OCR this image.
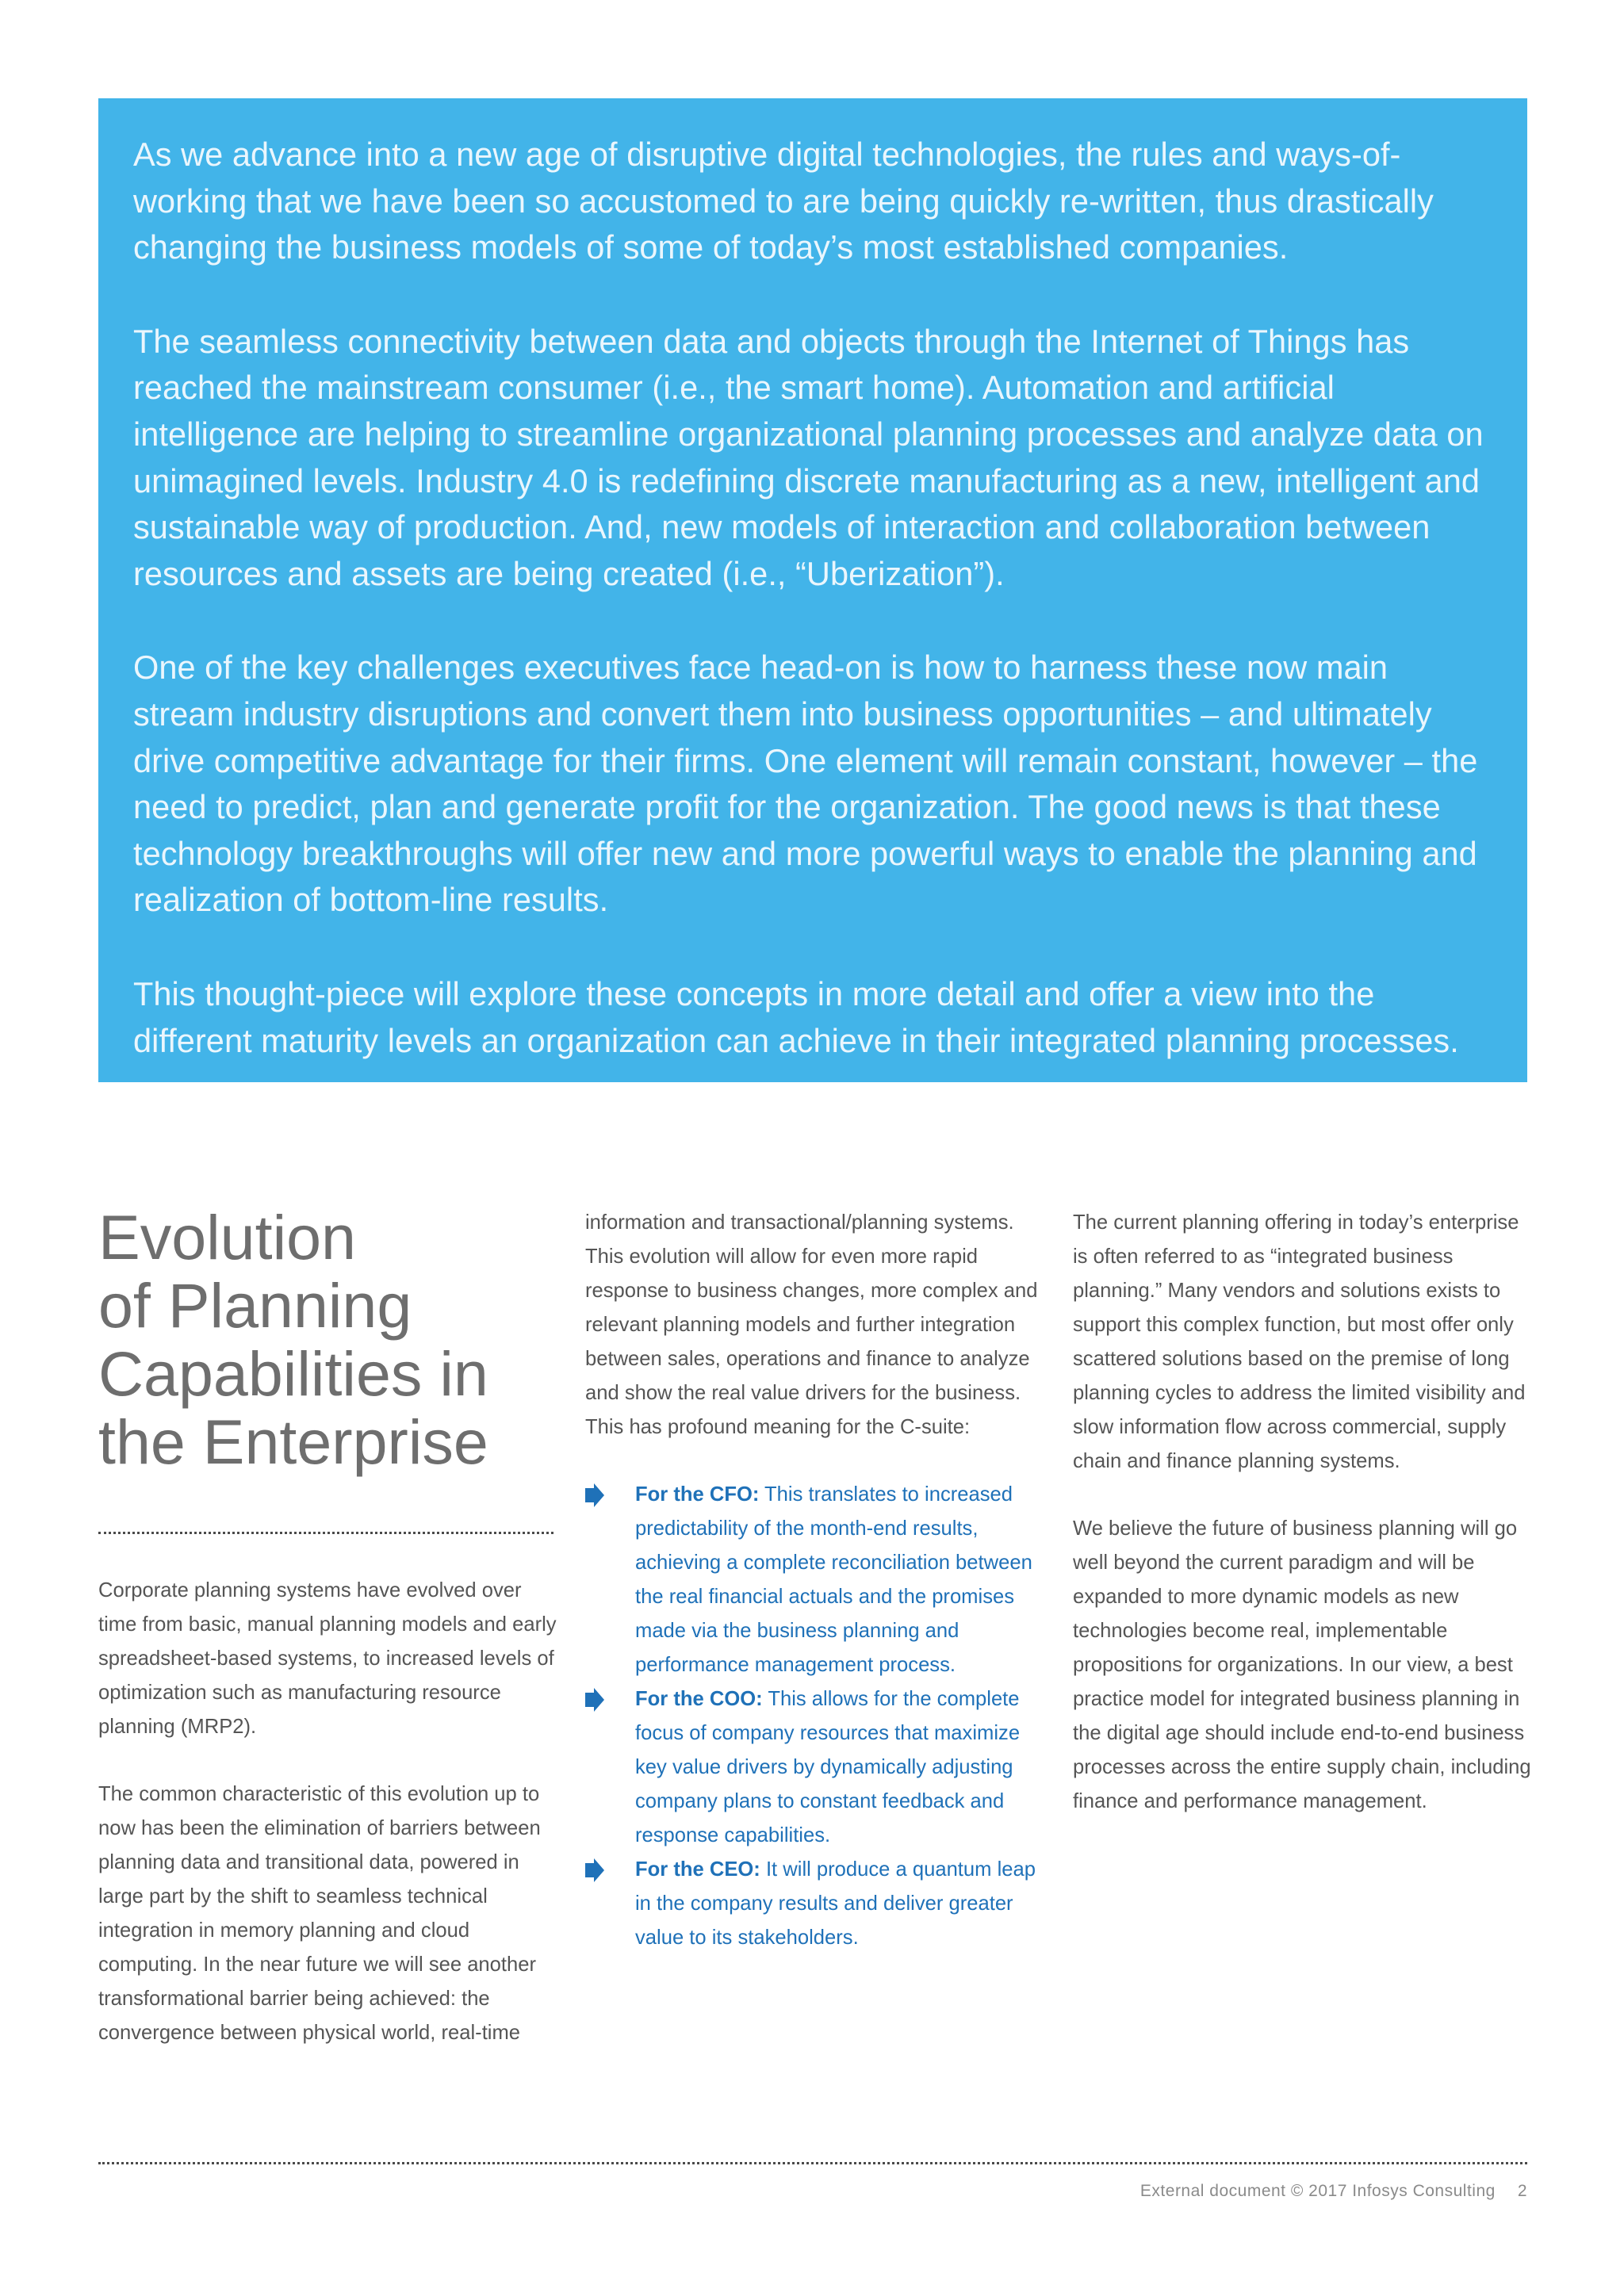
As we advance into a new age of disruptive digital technologies, the rules and ways-of-working that we have been so accustomed to are being quickly re-written, thus drastically changing the business models of some of today’s most established companies.

The seamless connectivity between data and objects through the Internet of Things has reached the mainstream consumer (i.e., the smart home). Automation and artificial intelligence are helping to streamline organizational planning processes and analyze data on unimagined levels. Industry 4.0 is redefining discrete manufacturing as a new, intelligent and sustainable way of production. And, new models of interaction and collaboration between resources and assets are being created (i.e., “Uberization”).

One of the key challenges executives face head-on is how to harness these now main stream industry disruptions and convert them into business opportunities – and ultimately drive competitive advantage for their firms. One element will remain constant, however – the need to predict, plan and generate profit for the organization. The good news is that these technology breakthroughs will offer new and more powerful ways to enable the planning and realization of bottom-line results.

This thought-piece will explore these concepts in more detail and offer a view into the different maturity levels an organization can achieve in their integrated planning processes.

Evolution
of Planning
Capabilities in
the Enterprise

Corporate planning systems have evolved over time from basic, manual planning models and early spreadsheet-based systems, to increased levels of optimization such as manufacturing resource planning (MRP2).

The common characteristic of this evolution up to now has been the elimination of barriers between planning data and transitional data, powered in large part by the shift to seamless technical integration in memory planning and cloud computing. In the near future we will see another transformational barrier being achieved: the convergence between physical world, real-time

information and transactional/planning systems. This evolution will allow for even more rapid response to business changes, more complex and relevant planning models and further integration between sales, operations and finance to analyze and show the real value drivers for the business. This has profound meaning for the C-suite:

For the CFO: This translates to increased predictability of the month-end results, achieving a complete reconciliation between the real financial actuals and the promises made via the business planning and performance management process.
For the COO: This allows for the complete focus of company resources that maximize key value drivers by dynamically adjusting company plans to constant feedback and response capabilities.
For the CEO: It will produce a quantum leap in the company results and deliver greater value to its stakeholders.

The current planning offering in today’s enterprise is often referred to as “integrated business planning.” Many vendors and solutions exists to support this complex function, but most offer only scattered solutions based on the premise of long planning cycles to address the limited visibility and slow information flow across commercial, supply chain and finance planning systems.

We believe the future of business planning will go well beyond the current paradigm and will be expanded to more dynamic models as new technologies become real, implementable propositions for organizations. In our view, a best practice model for integrated business planning in the digital age should include end-to-end business processes across the entire supply chain, including finance and performance management.

External document © 2017 Infosys Consulting 2
